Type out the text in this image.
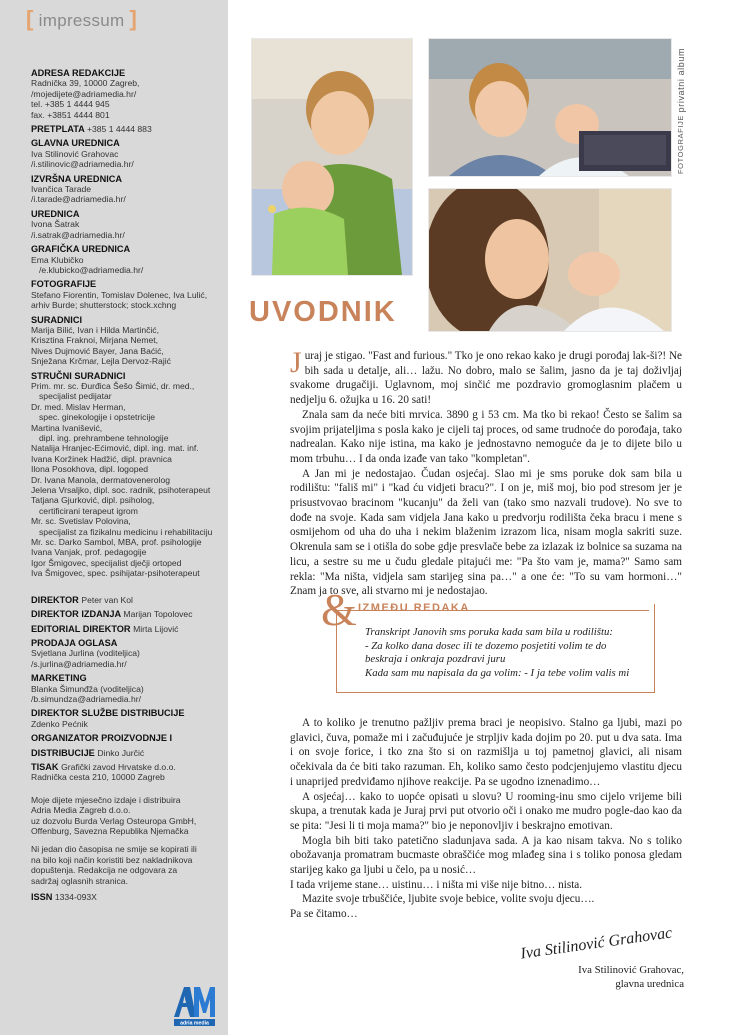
[ impressum ]
ADRESA REDAKCIJE
Radnička 39, 10000 Zagreb,
/mojedijete@adriamedia.hr/
tel. +385 1 4444 945
fax. +3851 4444 801
PRETPLATA +385 1 4444 883
GLAVNA UREDNICA
Iva Stilinović Grahovac
/i.stilinovic@adriamedia.hr/
IZVRŠNA UREDNICA
Ivančica Tarade
/i.tarade@adriamedia.hr/
UREDNICA
Ivona Šatrak
/i.satrak@adriamedia.hr/
GRAFIČKA UREDNICA
Ema Klubičko
/e.klubicko@adriamedia.hr/
FOTOGRAFIJE
Stefano Fiorentin, Tomislav Dolenec, Iva Lulić,
arhiv Burde; shutterstock; stock.xchng
SURADNICI
Marija Bilić, Ivan i Hilda Martinčić,
Krisztina Fraknoi, Mirjana Nemet,
Nives Dujmović Bayer, Jana Baćić,
Snježana Krčmar, Lejla Dervoz-Rajić
STRUČNI SURADNICI
Prim. mr. sc. Đurđica Šešo Šimić, dr. med.,
specijalist pedijatar
Dr. med. Mislav Herman,
spec. ginekologije i opstetricije
Martina Ivanišević,
dipl. ing. prehrambene tehnologije
Natalija Hranjec-Ećimović, dipl. ing. mat. inf.
Ivana Koržinek Hadžić, dipl. pravnica
Ilona Posokhova, dipl. logoped
Dr. Ivana Manola, dermatovenerolog
Jelena Vrsaljko, dipl. soc. radnik, psihoterapeut
Tatjana Gjurković, dipl. psiholog,
certificirani terapeut igrom
Mr. sc. Svetislav Polovina,
specijalist za fizikalnu medicinu i rehabilitaciju
Mr. sc. Darko Sambol, MBA, prof. psihologije
Ivana Vanjak, prof. pedagogije
Igor Šmigovec, specijalist dječji ortoped
Iva Šmigovec, spec. psihijatar-psihoterapeut
DIREKTOR Peter van Kol
DIREKTOR IZDANJA Marijan Topolovec
EDITORIAL DIREKTOR Mirta Lijović
PRODAJA OGLASA
Svjetlana Jurlina (voditeljica)
/s.jurlina@adriamedia.hr/
MARKETING
Blanka Šimunđža (voditeljica)
/b.simundza@adriamedia.hr/
DIREKTOR SLUŽBE DISTRIBUCIJE
Zdenko Pećnik
ORGANIZATOR PROIZVODNJE I
DISTRIBUCIJE Dinko Jurčić
TISAK Grafički zavod Hrvatske d.o.o.
Radnička cesta 210, 10000 Zagreb
Moje dijete mjesečno izdaje i distribuira
Adria Media Zagreb d.o.o.
uz dozvolu Burda Verlag Osteuropa GmbH,
Offenburg, Savezna Republika Njemačka
Ni jedan dio časopisa ne smije se kopirati ili
na bilo koji način koristiti bez nakladnikova
dopuštenja. Redakcija ne odgovara za
sadržaj oglasnih stranica.
ISSN 1334-093X
adria media
FOTOGRAFIJE privatni album
UVODNIK

Juraj je stigao. "Fast and furious." Tko je ono rekao kako je drugi porođaj lak-ši?! Ne bih sada u detalje, ali… lažu. No dobro, malo se šalim, jasno da je taj doživljaj svakome drugačiji. Uglavnom, moj sinčić me pozdravio gromoglasnim plačem u nedjelju 6. ožujka u 16. 20 sati!

Znala sam da neće biti mrvica. 3890 g i 53 cm. Ma tko bi rekao! Često se šalim sa svojim prijateljima s posla kako je cijeli taj proces, od same trudnoće do porođaja, tako nadrealan. Kako nije istina, ma kako je jednostavno nemoguće da je to dijete bilo u mom trbuhu… I da onda izađe van tako "kompletan".

A Jan mi je nedostajao. Čudan osjećaj. Slao mi je sms poruke dok sam bila u rodilištu: "fališ mi" i "kad ću vidjeti bracu?". I on je, miš moj, bio pod stresom jer je prisustvovao bracinom "kucanju" da želi van (tako smo nazvali trudove). No sve to dođe na svoje. Kada sam vidjela Jana kako u predvorju rodilišta čeka bracu i mene s osmijehom od uha do uha i nekim blaženim izrazom lica, nisam mogla sakriti suze. Okrenula sam se i otišla do sobe gdje presvlače bebe za izlazak iz bolnice sa suzama na licu, a sestre su me u čudu gledale pitajući me: "Pa što vam je, mama?" Samo sam rekla: "Ma ništa, vidjela sam starijeg sina pa…" a one će: "To su vam hormoni…" Znam ja to sve, ali stvarno mi je nedostajao.

& IZMEĐU REDAKA
Transkript Janovih sms poruka kada sam bila u rodilištu:
- Za kolko dana dosec ili te dozemo posjetiti volim te do
beskraja i onkraja pozdravi juru
Kada sam mu napisala da ga volim: - I ja tebe volim valis mi

A to koliko je trenutno pažljiv prema braci je neopisivo. Stalno ga ljubi, mazi po glavici, čuva, pomaže mi i začuđujuće je strpljiv kada dojim po 20. put u dva sata. Ima i on svoje forice, i tko zna što si on razmišlja u toj pametnoj glavici, ali nisam očekivala da će biti tako razuman. Eh, koliko samo često podcjenjujemo vlastitu djecu i unaprijed predviđamo njihove reakcije. Pa se ugodno iznenadimo…

A osjećaj… kako to uopće opisati u slovu? U rooming-inu smo cijelo vrijeme bili skupa, a trenutak kada je Juraj prvi put otvorio oči i onako me mudro pogle-dao kao da se pita: "Jesi li ti moja mama?" bio je neponovljiv i beskrajno emotivan.

Mogla bih biti tako patetično sladunjava sada. A ja kao nisam takva. No s toliko obožavanja promatram bucmaste obraščiće mog mlađeg sina i s toliko ponosa gledam starijeg kako ga ljubi u čelo, pa u nosić…

I tada vrijeme stane… uistinu… i ništa mi više nije bitno… nista.

Mazite svoje trbuščiće, ljubite svoje bebice, volite svoju djecu….

Pa se čitamo…

Iva Stilinović Grahovac
Iva Stilinović Grahovac,
glavna urednica
